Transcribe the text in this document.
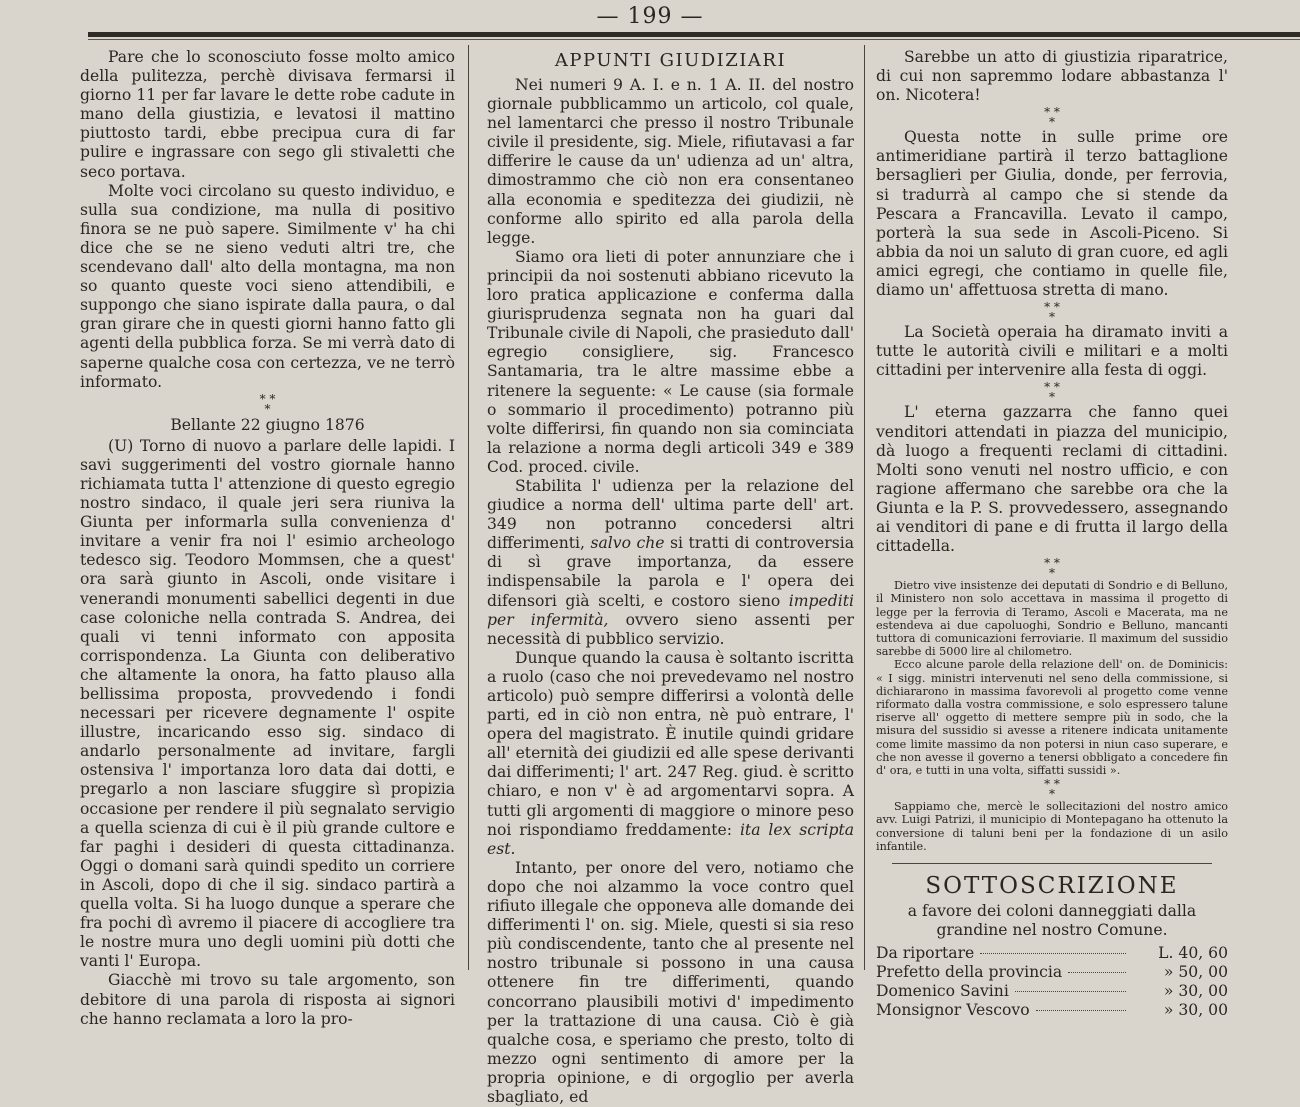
— 199 —

Pare che lo sconosciuto fosse molto amico della pulitezza, perchè divisava fermarsi il giorno 11 per far lavare le dette robe cadute in mano della giustizia, e levatosi il mattino piuttosto tardi, ebbe precipua cura di far pulire e ingrassare con sego gli stivaletti che seco portava.

Molte voci circolano su questo individuo, e sulla sua condizione, ma nulla di positivo finora se ne può sapere. Similmente v' ha chi dice che se ne sieno veduti altri tre, che scendevano dall' alto della montagna, ma non so quanto queste voci sieno attendibili, e suppongo che siano ispirate dalla paura, o dal gran girare che in questi giorni hanno fatto gli agenti della pubblica forza. Se mi verrà dato di saperne qualche cosa con certezza, ve ne terrò informato.

* *
*

Bellante 22 giugno 1876

(U) Torno di nuovo a parlare delle lapidi. I savi suggerimenti del vostro giornale hanno richiamata tutta l' attenzione di questo egregio nostro sindaco, il quale jeri sera riuniva la Giunta per informarla sulla convenienza d' invitare a venir fra noi l' esimio archeologo tedesco sig. Teodoro Mommsen, che a quest' ora sarà giunto in Ascoli, onde visitare i venerandi monumenti sabellici degenti in due case coloniche nella contrada S. Andrea, dei quali vi tenni informato con apposita corrispondenza. La Giunta con deliberativo che altamente la onora, ha fatto plauso alla bellissima proposta, provvedendo i fondi necessari per ricevere degnamente l' ospite illustre, incaricando esso sig. sindaco di andarlo personalmente ad invitare, fargli ostensiva l' importanza loro data dai dotti, e pregarlo a non lasciare sfuggire sì propizia occasione per rendere il più segnalato servigio a quella scienza di cui è il più grande cultore e far paghi i desideri di questa cittadinanza. Oggi o domani sarà quindi spedito un corriere in Ascoli, dopo di che il sig. sindaco partirà a quella volta. Si ha luogo dunque a sperare che fra pochi dì avremo il piacere di accogliere tra le nostre mura uno degli uomini più dotti che vanti l' Europa.

Giacchè mi trovo su tale argomento, son debitore di una parola di risposta ai signori che hanno reclamata a loro la pro-

APPUNTI GIUDIZIARI

Nei numeri 9 A. I. e n. 1 A. II. del nostro giornale pubblicammo un articolo, col quale, nel lamentarci che presso il nostro Tribunale civile il presidente, sig. Miele, rifiutavasi a far differire le cause da un' udienza ad un' altra, dimostrammo che ciò non era consentaneo alla economia e speditezza dei giudizii, nè conforme allo spirito ed alla parola della legge.

Siamo ora lieti di poter annunziare che i principii da noi sostenuti abbiano ricevuto la loro pratica applicazione e conferma dalla giurisprudenza segnata non ha guari dal Tribunale civile di Napoli, che prasieduto dall' egregio consigliere, sig. Francesco Santamaria, tra le altre massime ebbe a ritenere la seguente: « Le cause (sia formale o sommario il procedimento) potranno più volte differirsi, fin quando non sia cominciata la relazione a norma degli articoli 349 e 389 Cod. proced. civile.

Stabilita l' udienza per la relazione del giudice a norma dell' ultima parte dell' art. 349 non potranno concedersi altri differimenti, salvo che si tratti di controversia di sì grave importanza, da essere indispensabile la parola e l' opera dei difensori già scelti, e costoro sieno impediti per infermità, ovvero sieno assenti per necessità di pubblico servizio.

Dunque quando la causa è soltanto iscritta a ruolo (caso che noi prevedevamo nel nostro articolo) può sempre differirsi a volontà delle parti, ed in ciò non entra, nè può entrare, l' opera del magistrato. È inutile quindi gridare all' eternità dei giudizii ed alle spese derivanti dai differimenti; l' art. 247 Reg. giud. è scritto chiaro, e non v' è ad argomentarvi sopra. A tutti gli argomenti di maggiore o minore peso noi rispondiamo freddamente: ita lex scripta est.

Intanto, per onore del vero, notiamo che dopo che noi alzammo la voce contro quel rifiuto illegale che opponeva alle domande dei differimenti l' on. sig. Miele, questi si sia reso più condiscendente, tanto che al presente nel nostro tribunale si possono in una causa ottenere fin tre differimenti, quando concorrano plausibili motivi d' impedimento per la trattazione di una causa. Ciò è già qualche cosa, e speriamo che presto, tolto di mezzo ogni sentimento di amore per la propria opinione, e di orgoglio per averla sbagliato, ed

Sarebbe un atto di giustizia riparatrice, di cui non sapremmo lodare abbastanza l' on. Nicotera!

* *
*

Questa notte in sulle prime ore antimeridiane partirà il terzo battaglione bersaglieri per Giulia, donde, per ferrovia, si tradurrà al campo che si stende da Pescara a Francavilla. Levato il campo, porterà la sua sede in Ascoli-Piceno. Si abbia da noi un saluto di gran cuore, ed agli amici egregi, che contiamo in quelle file, diamo un' affettuosa stretta di mano.

* *
*

La Società operaia ha diramato inviti a tutte le autorità civili e militari e a molti cittadini per intervenire alla festa di oggi.

* *
*

L' eterna gazzarra che fanno quei venditori attendati in piazza del municipio, dà luogo a frequenti reclami di cittadini. Molti sono venuti nel nostro ufficio, e con ragione affermano che sarebbe ora che la Giunta e la P. S. provvedessero, assegnando ai venditori di pane e di frutta il largo della cittadella.

* *
*

Dietro vive insistenze dei deputati di Sondrio e di Belluno, il Ministero non solo accettava in massima il progetto di legge per la ferrovia di Teramo, Ascoli e Macerata, ma ne estendeva ai due capoluoghi, Sondrio e Belluno, mancanti tuttora di comunicazioni ferroviarie. Il maximum del sussidio sarebbe di 5000 lire al chilometro.

Ecco alcune parole della relazione dell' on. de Dominicis: « I sigg. ministri intervenuti nel seno della commissione, si dichiararono in massima favorevoli al progetto come venne riformato dalla vostra commissione, e solo espressero talune riserve all' oggetto di mettere sempre più in sodo, che la misura del sussidio si avesse a ritenere indicata unitamente come limite massimo da non potersi in niun caso superare, e che non avesse il governo a tenersi obbligato a concedere fin d' ora, e tutti in una volta, siffatti sussidi ».

* *
*

Sappiamo che, mercè le sollecitazioni del nostro amico avv. Luigi Patrizi, il municipio di Montepagano ha ottenuto la conversione di taluni beni per la fondazione di un asilo infantile.

SOTTOSCRIZIONE

a favore dei coloni danneggiati dalla grandine nel nostro Comune.

Da riportare	L. 40, 60
Prefetto della provincia	» 50, 00
Domenico Savini	» 30, 00
Monsignor Vescovo	» 30, 00
